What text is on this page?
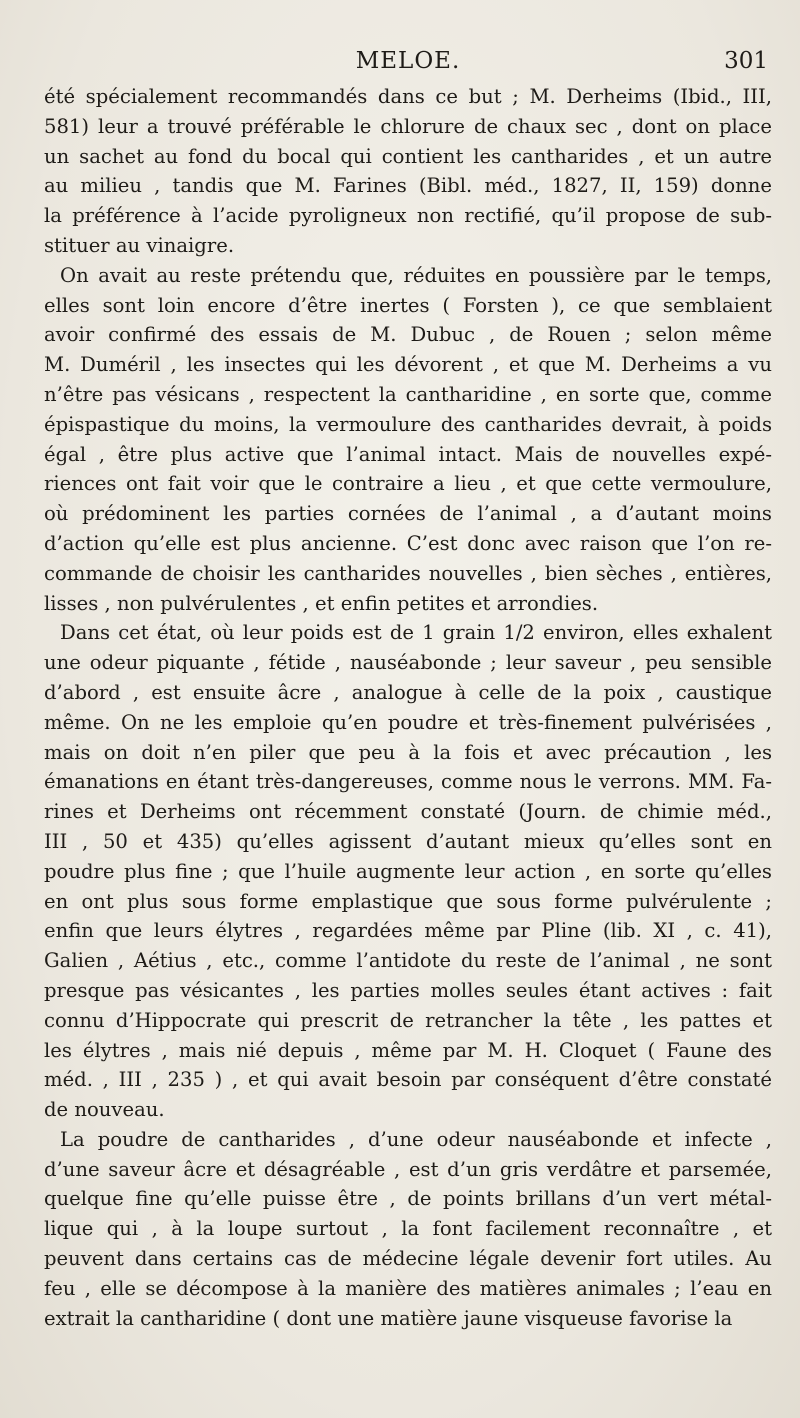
MELOE.	301
été spécialement recommandés dans ce but ; M. Derheims (Ibid., III,
581) leur a trouvé préférable le chlorure de chaux sec , dont on place
un sachet au fond du bocal qui contient les cantharides , et un autre
au milieu , tandis que M. Farines (Bibl. méd., 1827, II, 159) donne
la préférence à l’acide pyroligneux non rectifié, qu’il propose de sub-
stituer au vinaigre.
On avait au reste prétendu que, réduites en poussière par le temps,
elles sont loin encore d’être inertes ( Forsten ), ce que semblaient
avoir confirmé des essais de M. Dubuc , de Rouen ; selon même
M. Duméril , les insectes qui les dévorent , et que M. Derheims a vu
n’être pas vésicans , respectent la cantharidine , en sorte que, comme
épispastique du moins, la vermoulure des cantharides devrait, à poids
égal , être plus active que l’animal intact. Mais de nouvelles expé-
riences ont fait voir que le contraire a lieu , et que cette vermoulure,
où prédominent les parties cornées de l’animal , a d’autant moins
d’action qu’elle est plus ancienne. C’est donc avec raison que l’on re-
commande de choisir les cantharides nouvelles , bien sèches , entières,
lisses , non pulvérulentes , et enfin petites et arrondies.
Dans cet état, où leur poids est de 1 grain 1/2 environ, elles exhalent
une odeur piquante , fétide , nauséabonde ; leur saveur , peu sensible
d’abord , est ensuite âcre , analogue à celle de la poix , caustique
même. On ne les emploie qu’en poudre et très-finement pulvérisées ,
mais on doit n’en piler que peu à la fois et avec précaution , les
émanations en étant très-dangereuses, comme nous le verrons. MM. Fa-
rines et Derheims ont récemment constaté (Journ. de chimie méd.,
III , 50 et 435) qu’elles agissent d’autant mieux qu’elles sont en
poudre plus fine ; que l’huile augmente leur action , en sorte qu’elles
en ont plus sous forme emplastique que sous forme pulvérulente ;
enfin que leurs élytres , regardées même par Pline (lib. XI , c. 41),
Galien , Aétius , etc., comme l’antidote du reste de l’animal , ne sont
presque pas vésicantes , les parties molles seules étant actives : fait
connu d’Hippocrate qui prescrit de retrancher la tête , les pattes et
les élytres , mais nié depuis , même par M. H. Cloquet ( Faune des
méd. , III , 235 ) , et qui avait besoin par conséquent d’être constaté
de nouveau.
La poudre de cantharides , d’une odeur nauséabonde et infecte ,
d’une saveur âcre et désagréable , est d’un gris verdâtre et parsemée,
quelque fine qu’elle puisse être , de points brillans d’un vert métal-
lique qui , à la loupe surtout , la font facilement reconnaître , et
peuvent dans certains cas de médecine légale devenir fort utiles. Au
feu , elle se décompose à la manière des matières animales ; l’eau en
extrait la cantharidine ( dont une matière jaune visqueuse favorise la
